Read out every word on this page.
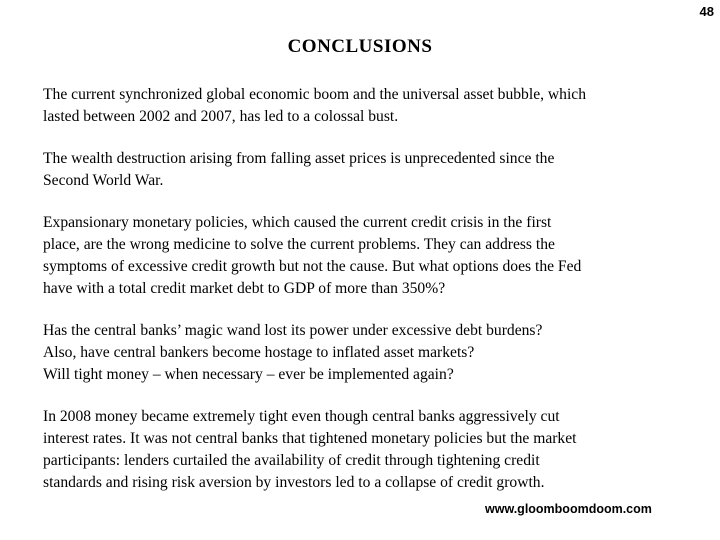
48
CONCLUSIONS

The current synchronized global economic boom and the universal asset bubble, which
lasted between 2002 and 2007, has led to a colossal bust.

The wealth destruction arising from falling asset prices is unprecedented since the
Second World War.

Expansionary monetary policies, which caused the current credit crisis in the first
place, are the wrong medicine to solve the current problems. They can address the
symptoms of excessive credit growth but not the cause. But what options does the Fed
have with a total credit market debt to GDP of more than 350%?

Has the central banks’ magic wand lost its power under excessive debt burdens?
Also, have central bankers become hostage to inflated asset markets?
Will tight money – when necessary – ever be implemented again?

In 2008 money became extremely tight even though central banks aggressively cut
interest rates. It was not central banks that tightened monetary policies but the market
participants: lenders curtailed the availability of credit through tightening credit
standards and rising risk aversion by investors led to a collapse of credit growth.

www.gloomboomdoom.com
